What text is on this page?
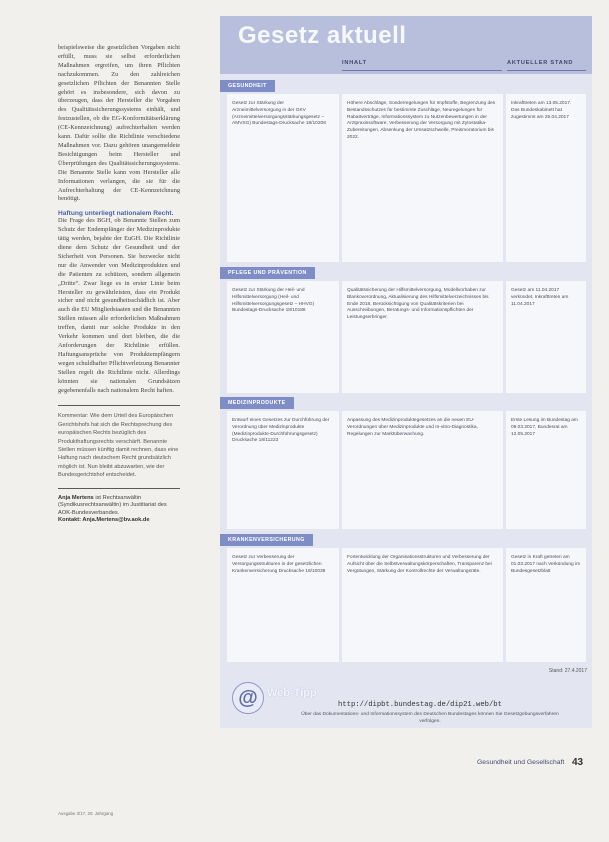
beispielsweise die gesetzlichen Vorgaben nicht erfüllt, muss sie selbst erforderlichen Maßnahmen ergreifen, um ihren Pflichten nachzukommen. Zu den zahlreichen gesetzlichen Pflichten der Benannten Stelle gehört es insbesondere, sich davon zu überzeugen, dass der Hersteller die Vorgaben des Qualitätssicherungssystems einhält, und festzustellen, ob die EG-Konformitätserklärung (CE-Kennzeichnung) aufrechterhalten werden kann. Dafür sollte die Richtlinie verschiedene Maßnahmen vor. Dazu gehören unangemeldete Besichtigungen beim Hersteller und Überprüfungen des Qualitätssicherungssystems. Die Benannte Stelle kann vom Hersteller alle Informationen verlangen, die sie für die Aufrechterhaltung der CE-Kennzeichnung benötigt.

Haftung unterliegt nationalem Recht.

Die Frage des BGH, ob Benannte Stellen zum Schutz der Endempfänger der Medizinprodukte tätig werden, bejahte der EuGH. Die Richtlinie diene dem Schutz der Gesundheit und der Sicherheit von Personen. Sie bezwecke nicht nur die Anwender von Medizinprodukten und die Patienten zu schützen, sondern allgemein „Dritte“. Zwar liege es in erster Linie beim Hersteller zu gewährleisten, dass ein Produkt sicher und nicht gesundheitsschädlich ist. Aber auch die EU Mitgliedstaaten und die Benannten Stellen müssen alle erforderlichen Maßnahmen treffen, damit nur solche Produkte in den Verkehr kommen und dort bleiben, die die Anforderungen der Richtlinie erfüllen. Haftungsansprüche von Produktempfängern wegen schuldhafter Pflichtverletzung Benannter Stellen regelt die Richtlinie nicht. Allerdings könnten sie nationalen Grundsätzen gegebenenfalls nach nationalem Recht haften.

Kommentar: Wie dem Urteil des Europäischen Gerichtshofs hat sich die Rechtsprechung des europäischen Rechts bezüglich des Produkthaftungsrechts verschärft. Benannte Stellen müssen künftig damit rechnen, dass eine Haftung nach deutschem Recht grundsätzlich möglich ist. Nun bleibt abzuwarten, wie der Bundesgerichtshof entscheidet.

Anja Mertens ist Rechtsanwältin (Syndikusrechtsanwältin) im Justitiariat des AOK-Bundesverbandes.
Kontakt: Anja.Mertens@bv.aok.de
Ausgabe 3/17, 20. Jahrgang
Gesetz aktuell
INHALT	AKTUELLER STAND
GESUNDHEIT
Gesetz zur Stärkung der Arzneimittelversorgung in der GKV (Arzneimittelversorgungsstärkungsgesetz – AMVSG) Bundestags-Drucksache 18/10208
Höhere Abschläge, Sonderregelungen für Impfstoffe, Begrenzung des Bestandsschutzes für bestimmte Zuschläge, Neuregelungen für Rabattverträge, Informationssystem zu Nutzenbewertungen in der Arztpraxissoftware, Verbesserung der Versorgung mit Zytostatika-Zubereitungen, Absenkung der Umsatzschwelle, Preismoratorium bis 2022.
Inkrafttreten am 13.05.2017. Das Bundeskabinett hat zugestimmt am 25.04.2017
PFLEGE UND PRÄVENTION
Gesetz zur Stärkung der Heil- und Hilfsmittelversorgung (Heil- und Hilfsmittelversorgungsgesetz – HHVG) Bundestags-Drucksache 18/10186
Qualitätssicherung der Hilfsmittelversorgung, Modellvorhaben zur Blankoverordnung, Aktualisierung des Hilfsmittelverzeichnisses bis Ende 2018, Berücksichtigung von Qualitätskriterien bei Ausschreibungen, Beratungs- und Informationspflichten der Leistungserbringer.
Gesetz am 11.04.2017 verkündet, Inkrafttreten am 11.04.2017
MEDIZINPRODUKTE
Entwurf eines Gesetzes zur Durchführung der Verordnung über Medizinprodukte (Medizinprodukte-Durchführungsgesetz) Drucksache 18/11223
Anpassung des Medizinproduktegesetzes an die neuen EU-Verordnungen über Medizinprodukte und In-vitro-Diagnostika, Regelungen zur Marktüberwachung.
Erste Lesung im Bundestag am 09.03.2017, Bundesrat am 12.05.2017
KRANKENVERSICHERUNG
Gesetz zur Verbesserung der Versorgungsstrukturen in der gesetzlichen Krankenversicherung Drucksache 18/10038
Fortentwicklung der Organisationsstrukturen und Verbesserung der Aufsicht über die Selbstverwaltungskörperschaften, Transparenz bei Vergütungen, Stärkung der Kontrollrechte der Verwaltungsräte.
Gesetz in Kraft getreten am 01.03.2017 nach Verkündung im Bundesgesetzblatt
Stand: 27.4.2017
@ Web-Tipp
http://dipbt.bundestag.de/dip21.web/bt
Über das Dokumentations- und Informationssystem des Deutschen Bundestages können Sie Gesetzgebungsverfahren verfolgen.
Gesundheit und Gesellschaft 43
